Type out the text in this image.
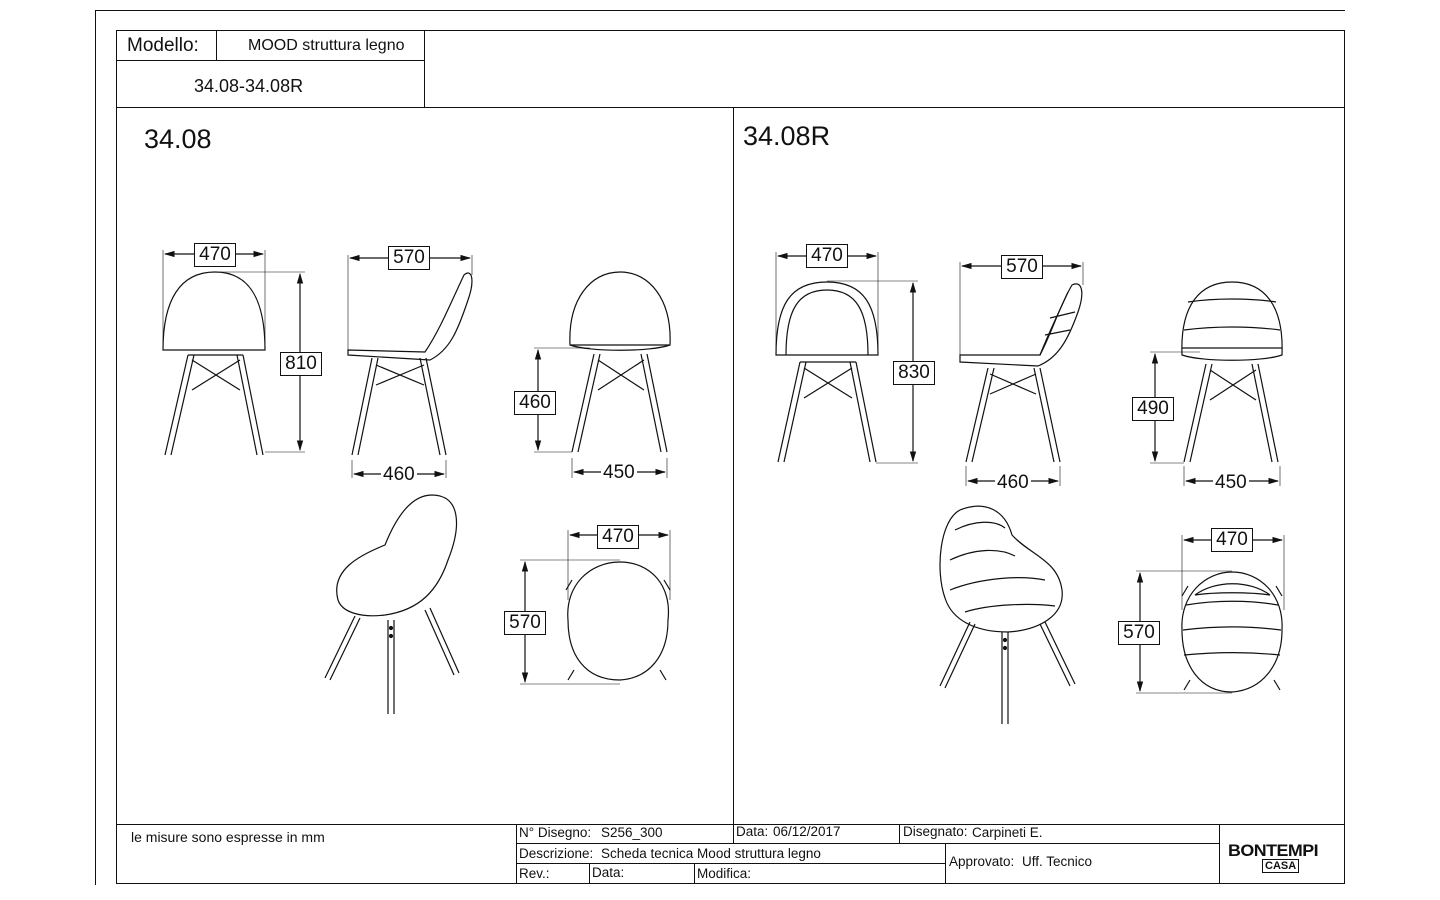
Modello:	MOOD struttura legno
34.08-34.08R
34.08	34.08R
470	570
810
460
460	450
470
570
470
570
830
490
460	450
470
570
le misure sono espresse in mm	N° Disegno: S256_300	Data: 06/12/2017	Disegnato: Carpineti E.
Descrizione: Scheda tecnica Mood struttura legno
Approvato: Uff. Tecnico
Rev.:	Data:	Modifica:
BONTEMPI
CASA
